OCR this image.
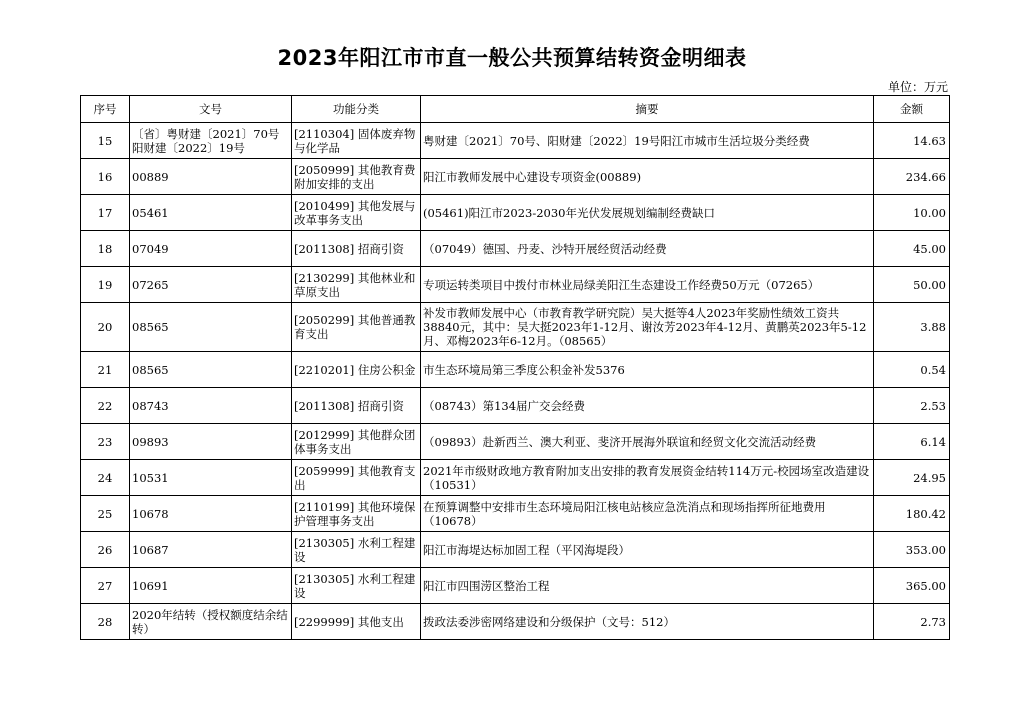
2023年阳江市市直一般公共预算结转资金明细表
单位：万元
序号	文号	功能分类	摘要	金额
15	〔省〕粤财建〔2021〕70号阳财建〔2022〕19号	[2110304] 固体废弃物与化学品	粤财建〔2021〕70号、阳财建〔2022〕19号阳江市城市生活垃圾分类经费	14.63
16	00889	[2050999] 其他教育费附加安排的支出	阳江市教师发展中心建设专项资金(00889)	234.66
17	05461	[2010499] 其他发展与改革事务支出	(05461)阳江市2023-2030年光伏发展规划编制经费缺口	10.00
18	07049	[2011308] 招商引资	（07049）德国、丹麦、沙特开展经贸活动经费	45.00
19	07265	[2130299] 其他林业和草原支出	专项运转类项目中拨付市林业局绿美阳江生态建设工作经费50万元（07265）	50.00
20	08565	[2050299] 其他普通教育支出	补发市教师发展中心（市教育教学研究院）吴大挺等4人2023年奖励性绩效工资共38840元，其中：吴大挺2023年1-12月、谢汝芳2023年4-12月、黄鹏英2023年5-12月、邓梅2023年6-12月。（08565）	3.88
21	08565	[2210201] 住房公积金	市生态环境局第三季度公积金补发5376	0.54
22	08743	[2011308] 招商引资	（08743）第134届广交会经费	2.53
23	09893	[2012999] 其他群众团体事务支出	（09893）赴新西兰、澳大利亚、斐济开展海外联谊和经贸文化交流活动经费	6.14
24	10531	[2059999] 其他教育支出	2021年市级财政地方教育附加支出安排的教育发展资金结转114万元-校园场室改造建设（10531）	24.95
25	10678	[2110199] 其他环境保护管理事务支出	在预算调整中安排市生态环境局阳江核电站核应急洗消点和现场指挥所征地费用（10678）	180.42
26	10687	[2130305] 水利工程建设	阳江市海堤达标加固工程（平冈海堤段）	353.00
27	10691	[2130305] 水利工程建设	阳江市四围涝区整治工程	365.00
28	2020年结转（授权额度结余结转）	[2299999] 其他支出	拨政法委涉密网络建设和分级保护（文号：512）	2.73
